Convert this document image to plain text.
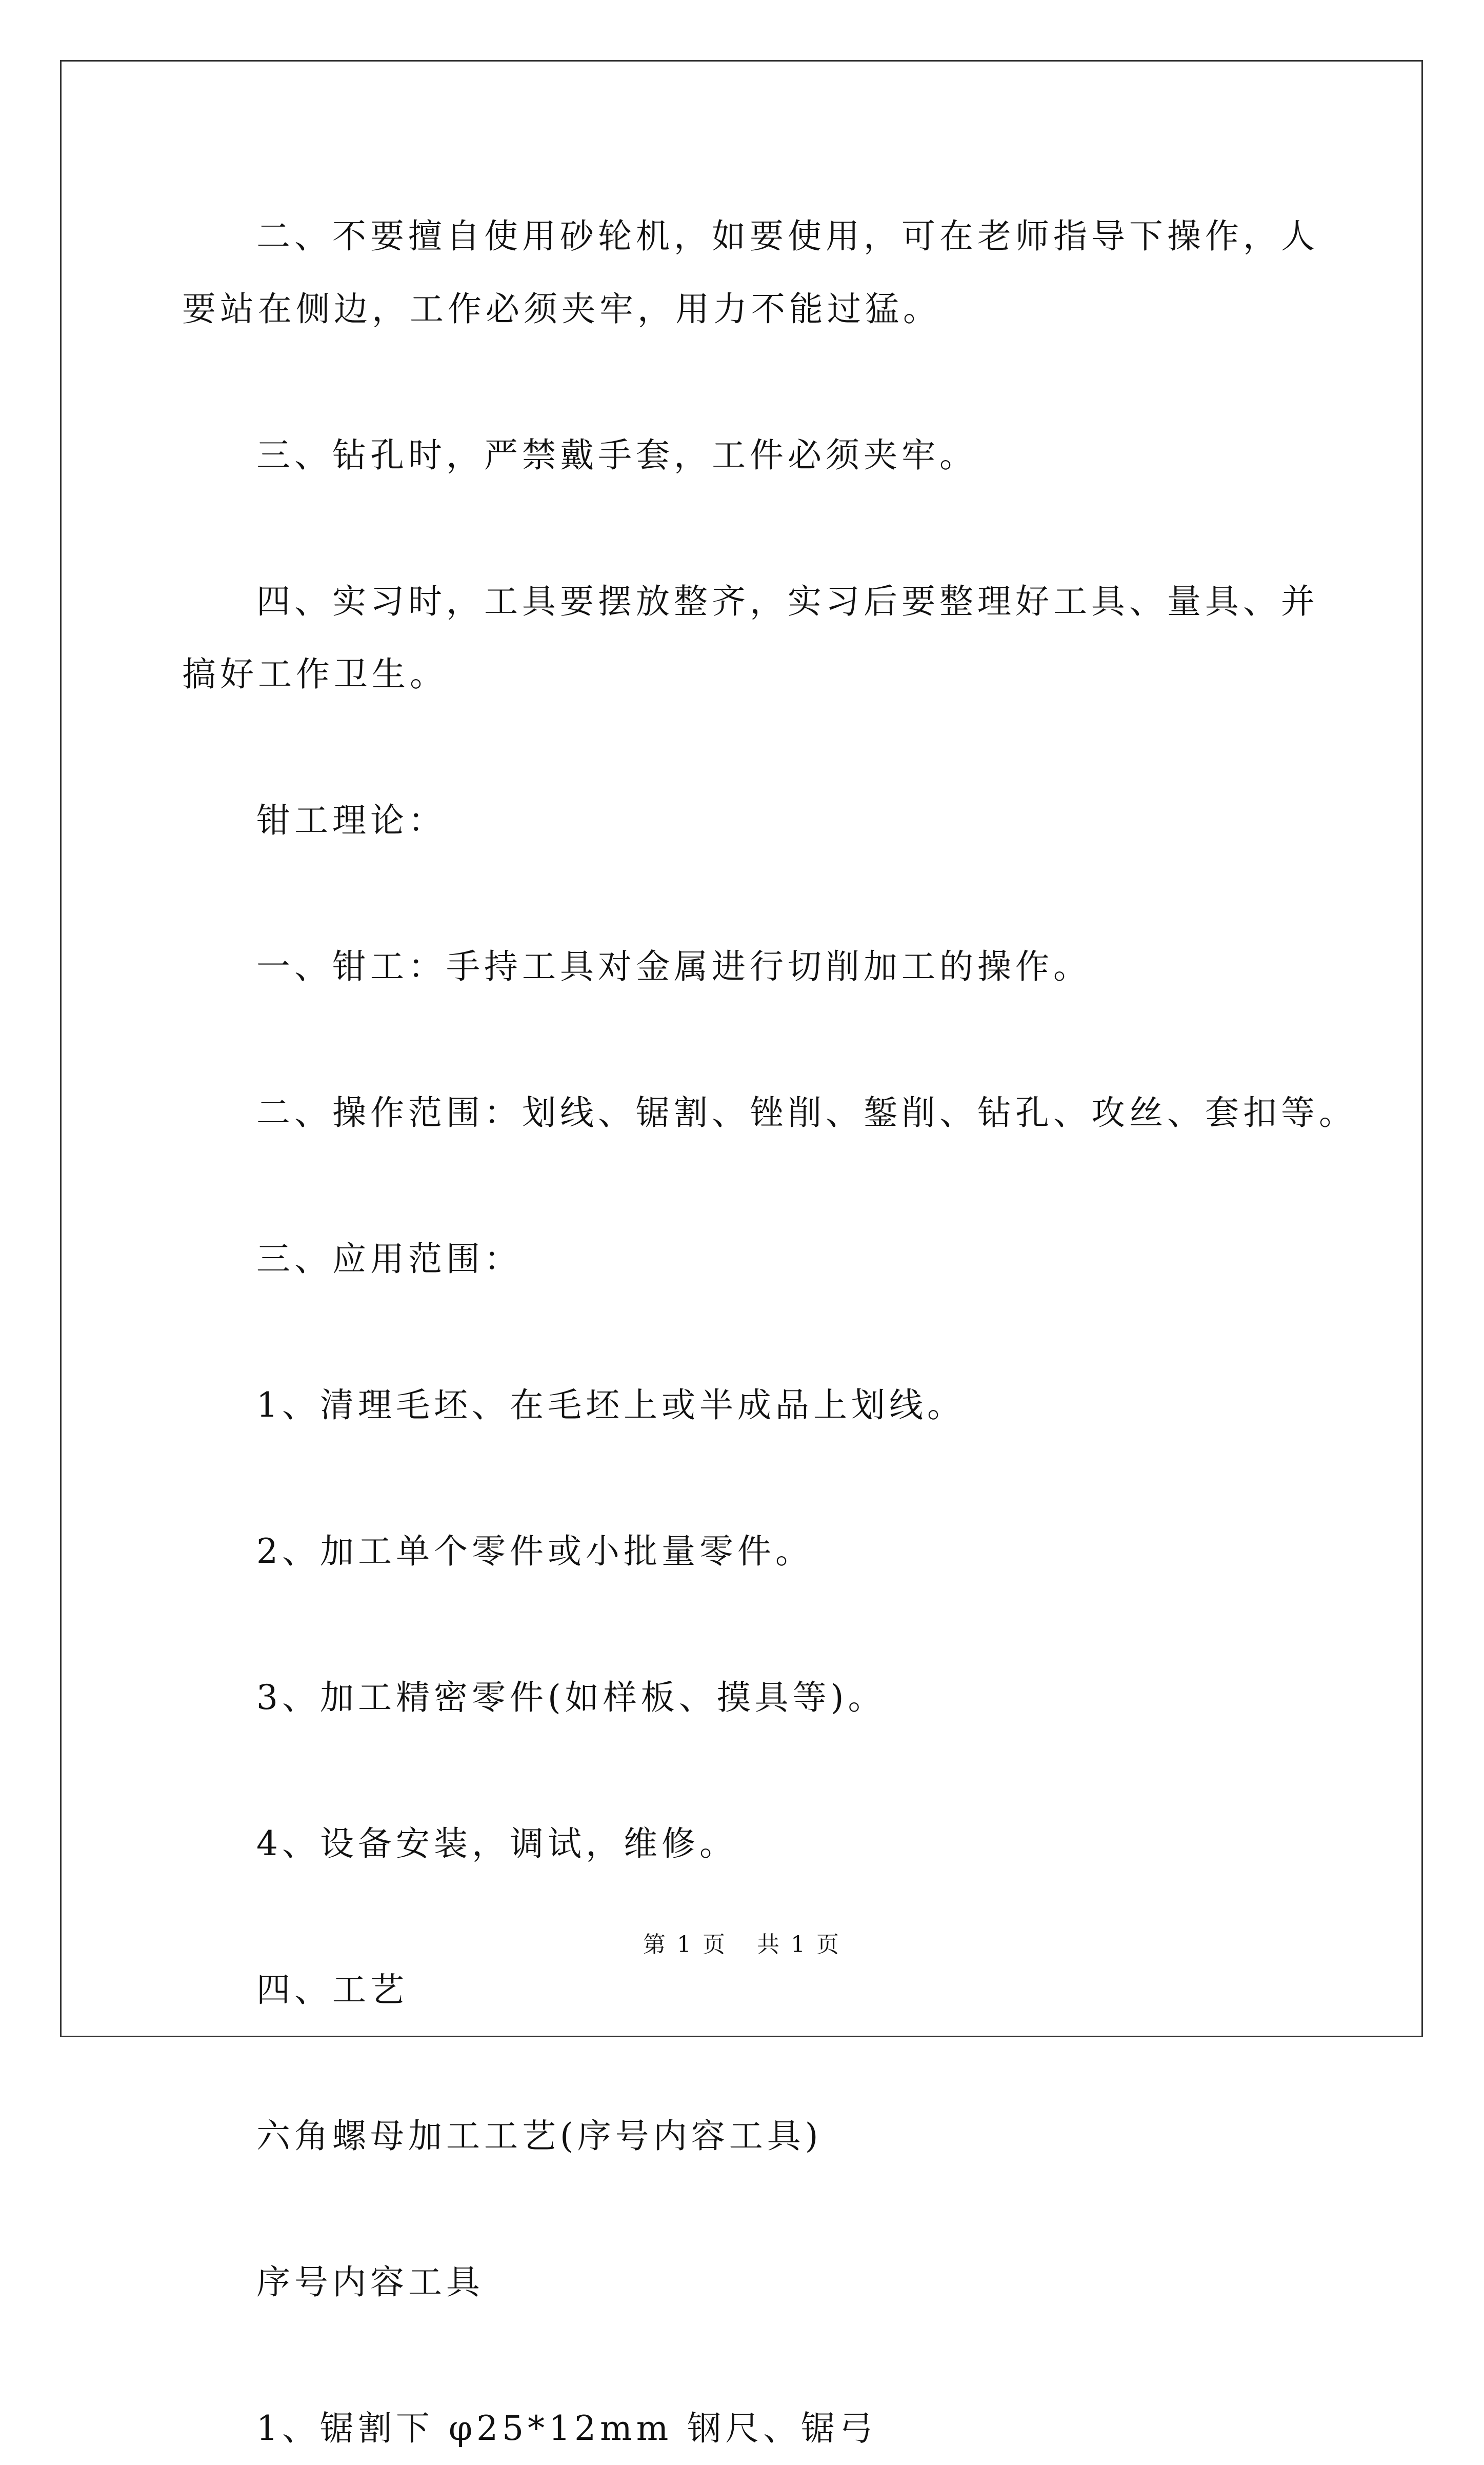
二、不要擅自使用砂轮机，如要使用，可在老师指导下操作，人
要站在侧边，工作必须夹牢，用力不能过猛。

三、钻孔时，严禁戴手套，工件必须夹牢。

四、实习时，工具要摆放整齐，实习后要整理好工具、量具、并
搞好工作卫生。

钳工理论：

一、钳工：手持工具对金属进行切削加工的操作。

二、操作范围：划线、锯割、锉削、錾削、钻孔、攻丝、套扣等。

三、应用范围：

1、清理毛坯、在毛坯上或半成品上划线。

2、加工单个零件或小批量零件。

3、加工精密零件(如样板、摸具等)。

4、设备安装，调试，维修。

四、工艺

六角螺母加工工艺(序号内容工具)

序号内容工具

1、锯割下 φ25*12mm 钢尺、锯弓

第 1 页 共 1 页
